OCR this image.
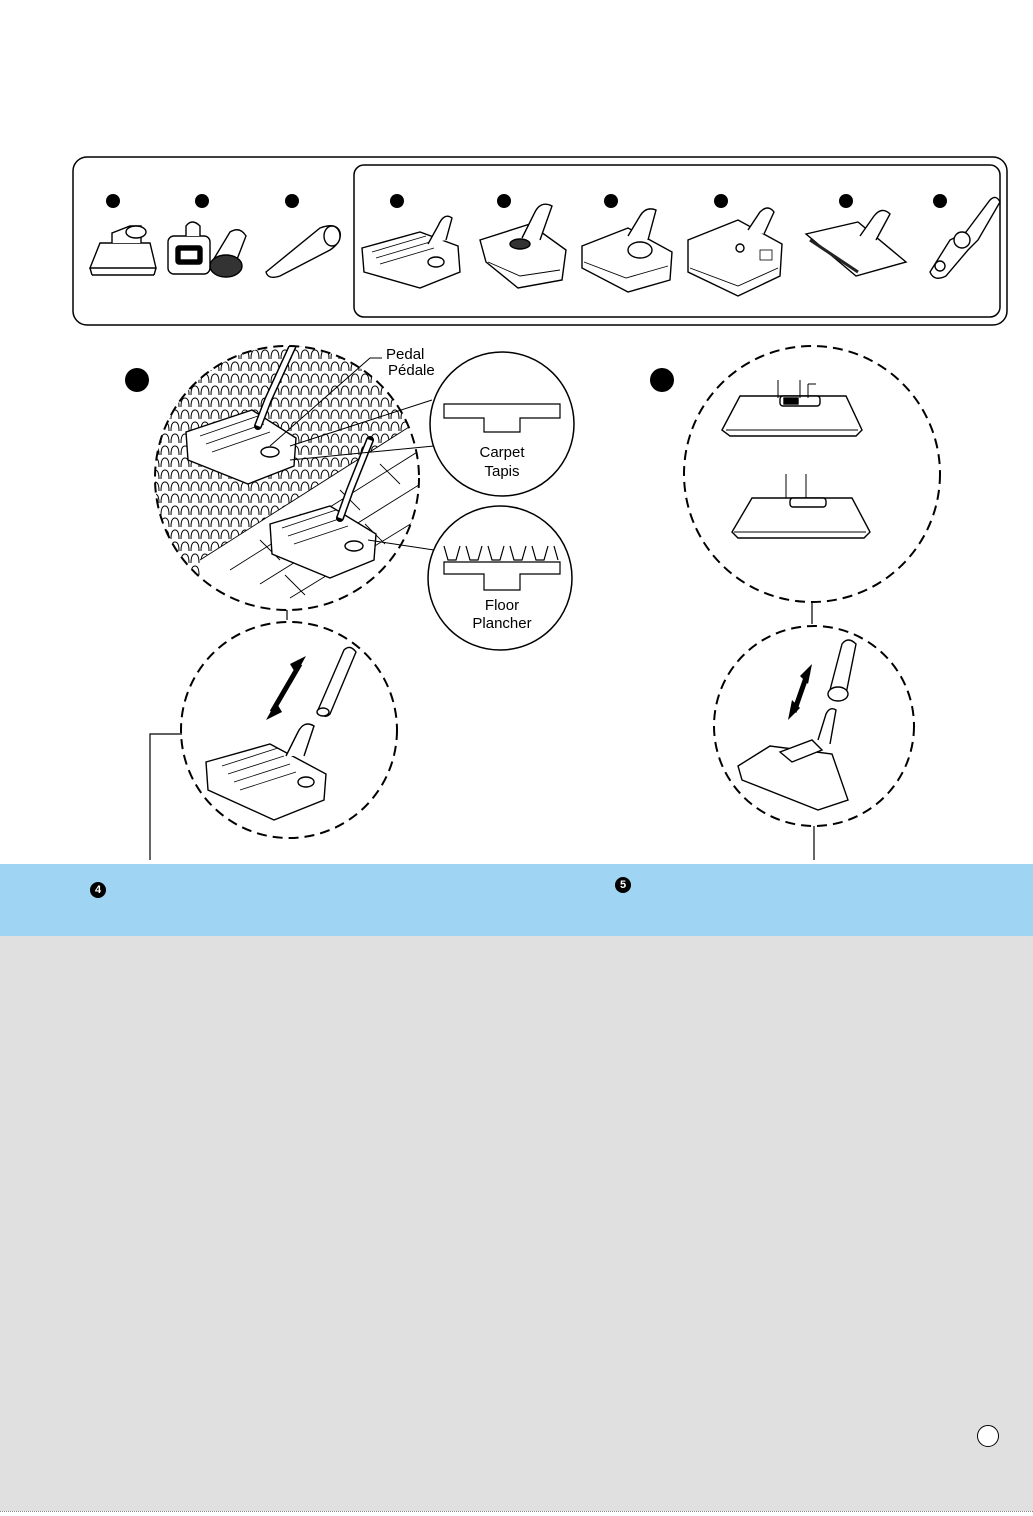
Pedal
Pédale
Carpet
Tapis
Floor
Plancher
4	5
